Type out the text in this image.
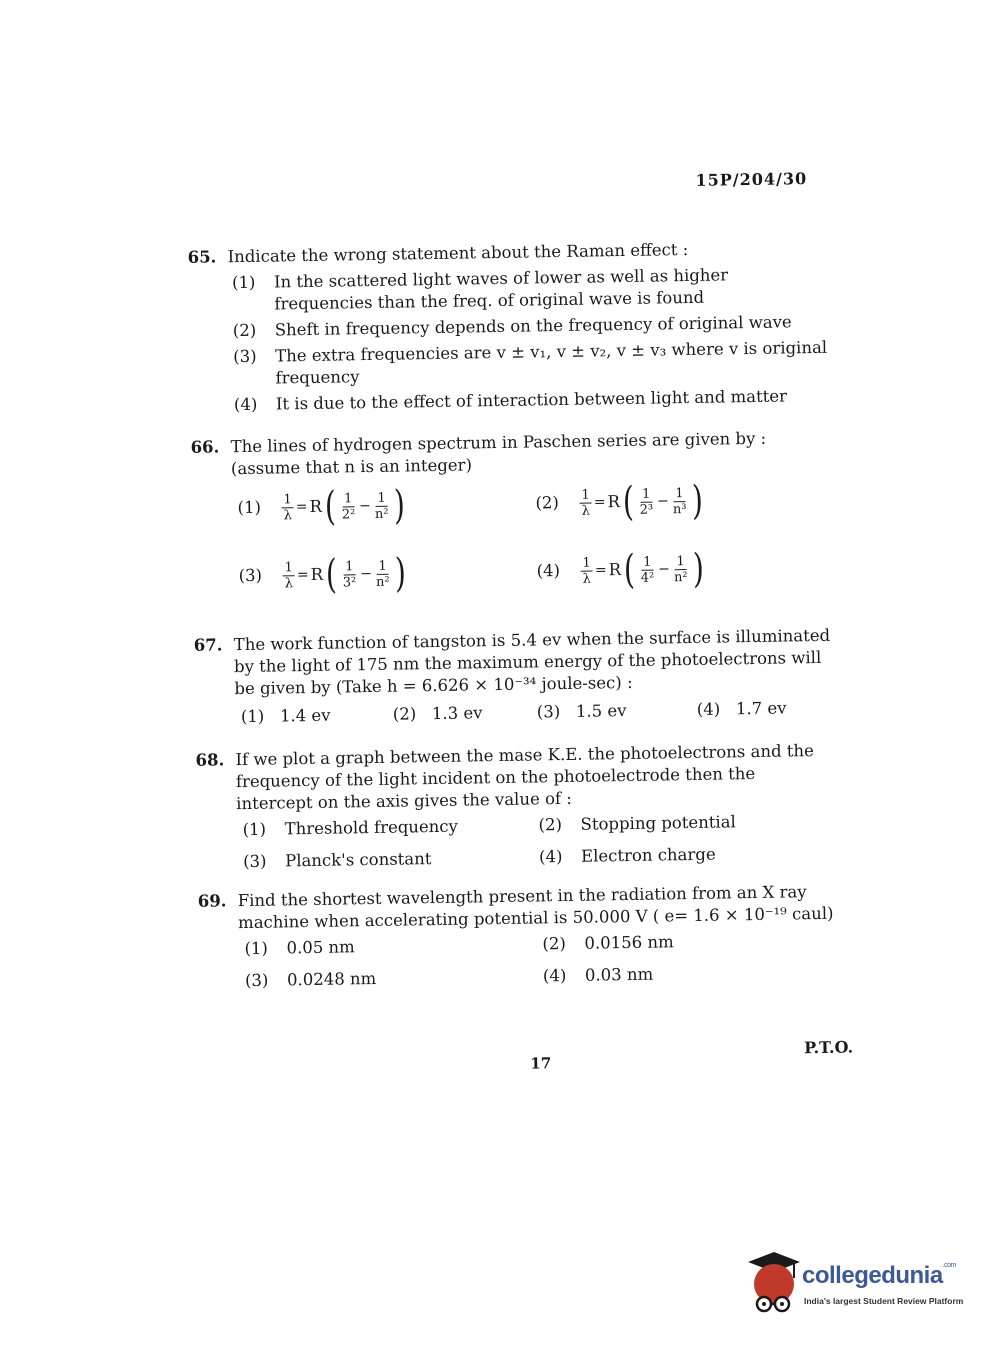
15P/204/30
65. Indicate the wrong statement about the Raman effect :
(1) In the scattered light waves of lower as well as higher frequencies than the freq. of original wave is found
(2) Sheft in frequency depends on the frequency of original wave
(3) The extra frequencies are v ± v₁, v ± v₂, v ± v₃ where v is original frequency
(4) It is due to the effect of interaction between light and matter
66. The lines of hydrogen spectrum in Paschen series are given by : (assume that n is an integer)
(1)	$\frac{1}{\lambda} = R$ ( $\frac{1}{\text{2²}} - \frac{1}{\text{n²}}$ )	(2)	$\frac{1}{\lambda} = R$ ( $\frac{1}{\text{2³}} - \frac{1}{\text{n³}}$ )
(3)	$\frac{1}{\lambda} = R$ ( $\frac{1}{\text{3²}} - \frac{1}{\text{n²}}$ )	(4)	$\frac{1}{\lambda} = R$ ( $\frac{1}{\text{4²}} - \frac{1}{\text{n²}}$ )
67. The work function of tangston is 5.4 ev when the surface is illuminated by the light of 175 nm the maximum energy of the photoelectrons will be given by (Take h = 6.626 × 10⁻³⁴ joule-sec) :
(1) 1.4 ev	(2) 1.3 ev	(3) 1.5 ev	(4) 1.7 ev
68. If we plot a graph between the mase K.E. the photoelectrons and the frequency of the light incident on the photoelectrode then the intercept on the axis gives the value of :
(1) Threshold frequency	(2) Stopping potential
(3) Planck's constant	(4) Electron charge
69. Find the shortest wavelength present in the radiation from an X ray machine when accelerating potential is 50.000 V ( e= 1.6 × 10⁻¹⁹ caul)
(1) 0.05 nm	(2) 0.0156 nm
(3) 0.0248 nm	(4) 0.03 nm
17
P.T.O.
collegedunia$^{.com}$
India's largest Student Review Platform
